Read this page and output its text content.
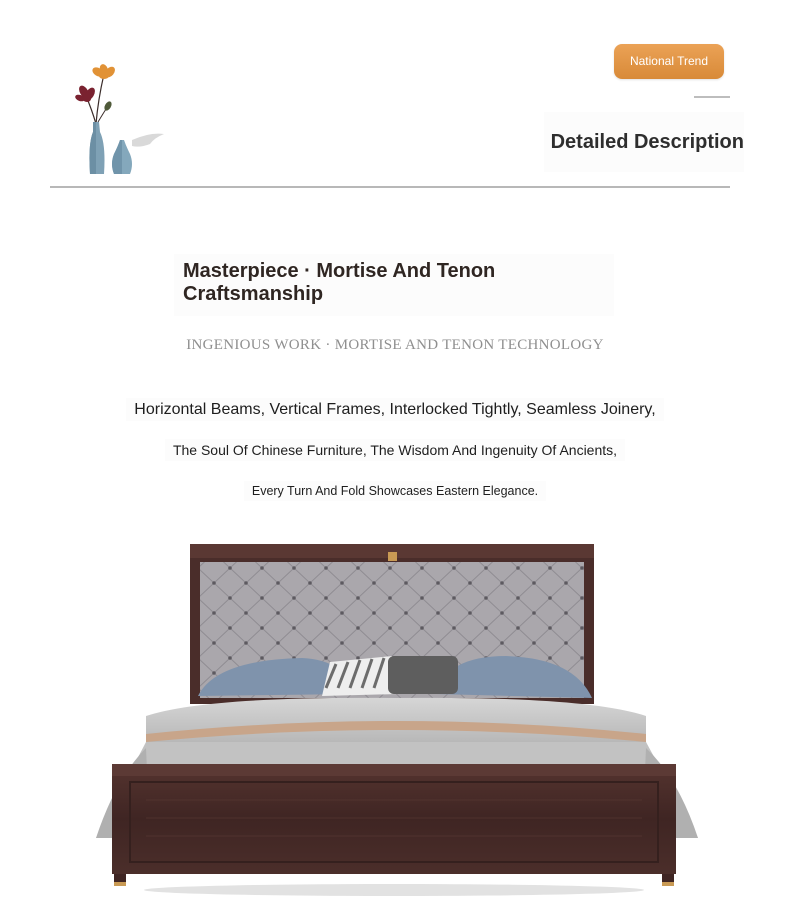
National Trend
Detailed Description
Masterpiece · Mortise And Tenon Craftsmanship
INGENIOUS WORK · MORTISE AND TENON TECHNOLOGY
Horizontal Beams, Vertical Frames, Interlocked Tightly, Seamless Joinery,
The Soul Of Chinese Furniture, The Wisdom And Ingenuity Of Ancients,
Every Turn And Fold Showcases Eastern Elegance.
